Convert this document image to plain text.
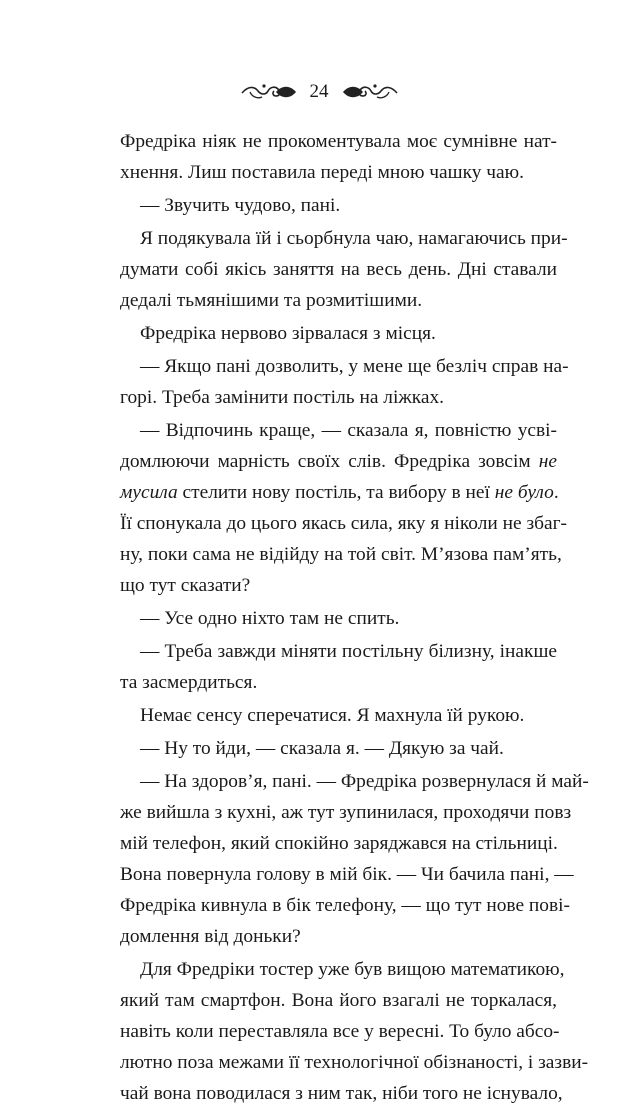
24
Фредріка ніяк не прокоментувала моє сумнівне нат-
хнення. Лиш поставила переді мною чашку чаю.
— Звучить чудово, пані.
Я подякувала їй і сьорбнула чаю, намагаючись при-
думати собі якісь заняття на весь день. Дні ставали
дедалі тьмянішими та розмитішими.
Фредріка нервово зірвалася з місця.
— Якщо пані дозволить, у мене ще безліч справ на-
горі. Треба замінити постіль на ліжках.
— Відпочинь краще, — сказала я, повністю усві-
домлюючи марність своїх слів. Фредріка зовсім не
мусила стелити нову постіль, та вибору в неї не було.
Її спонукала до цього якась сила, яку я ніколи не збаг-
ну, поки сама не відійду на той світ. М’язова пам’ять,
що тут сказати?
— Усе одно ніхто там не спить.
— Треба завжди міняти постільну білизну, інакше
та засмердиться.
Немає сенсу сперечатися. Я махнула їй рукою.
— Ну то йди, — сказала я. — Дякую за чай.
— На здоров’я, пані. — Фредріка розвернулася й май-
же вийшла з кухні, аж тут зупинилася, проходячи повз
мій телефон, який спокійно заряджався на стільниці.
Вона повернула голову в мій бік. — Чи бачила пані, —
Фредріка кивнула в бік телефону, — що тут нове пові-
домлення від доньки?
Для Фредріки тостер уже був вищою математикою,
який там смартфон. Вона його взагалі не торкалася,
навіть коли переставляла все у вересні. То було абсо-
лютно поза межами її технологічної обізнаності, і зазви-
чай вона поводилася з ним так, ніби того не існувало,
